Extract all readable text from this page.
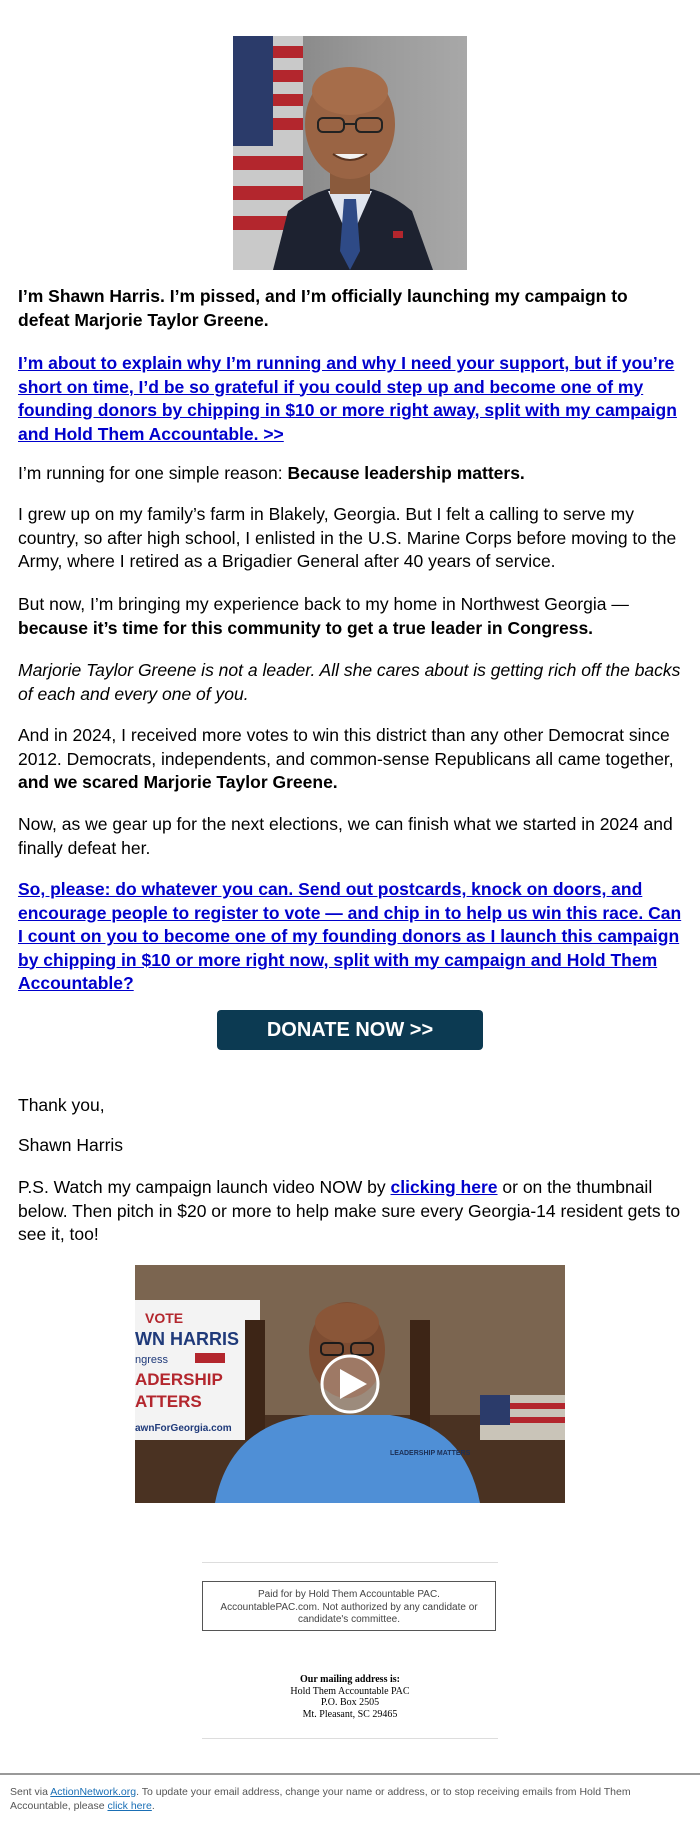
I’m Shawn Harris. I’m pissed, and I’m officially launching my campaign to defeat Marjorie Taylor Greene.

I’m about to explain why I’m running and why I need your support, but if you’re short on time, I’d be so grateful if you could step up and become one of my founding donors by chipping in $10 or more right away, split with my campaign and Hold Them Accountable. >>

I’m running for one simple reason: Because leadership matters.

I grew up on my family’s farm in Blakely, Georgia. But I felt a calling to serve my country, so after high school, I enlisted in the U.S. Marine Corps before moving to the Army, where I retired as a Brigadier General after 40 years of service.

But now, I’m bringing my experience back to my home in Northwest Georgia — because it’s time for this community to get a true leader in Congress.

Marjorie Taylor Greene is not a leader. All she cares about is getting rich off the backs of each and every one of you.

And in 2024, I received more votes to win this district than any other Democrat since 2012. Democrats, independents, and common-sense Republicans all came together, and we scared Marjorie Taylor Greene.

Now, as we gear up for the next elections, we can finish what we started in 2024 and finally defeat her.

So, please: do whatever you can. Send out postcards, knock on doors, and encourage people to register to vote — and chip in to help us win this race. Can I count on you to become one of my founding donors as I launch this campaign by chipping in $10 or more right now, split with my campaign and Hold Them Accountable?

DONATE NOW >>

Thank you,

Shawn Harris

P.S. Watch my campaign launch video NOW by clicking here or on the thumbnail below. Then pitch in $20 or more to help make sure every Georgia-14 resident gets to see it, too!

VOTE
WN HARRIS
ngress
ADERSHIP
ATTERS
awnForGeorgia.com
LEADERSHIP MATTERS
Paid for by Hold Them Accountable PAC. AccountablePAC.com. Not authorized by any candidate or candidate's committee.
Our mailing address is:
Hold Them Accountable PAC
P.O. Box 2505
Mt. Pleasant, SC 29465
Sent via ActionNetwork.org. To update your email address, change your name or address, or to stop receiving emails from Hold Them Accountable, please click here.
